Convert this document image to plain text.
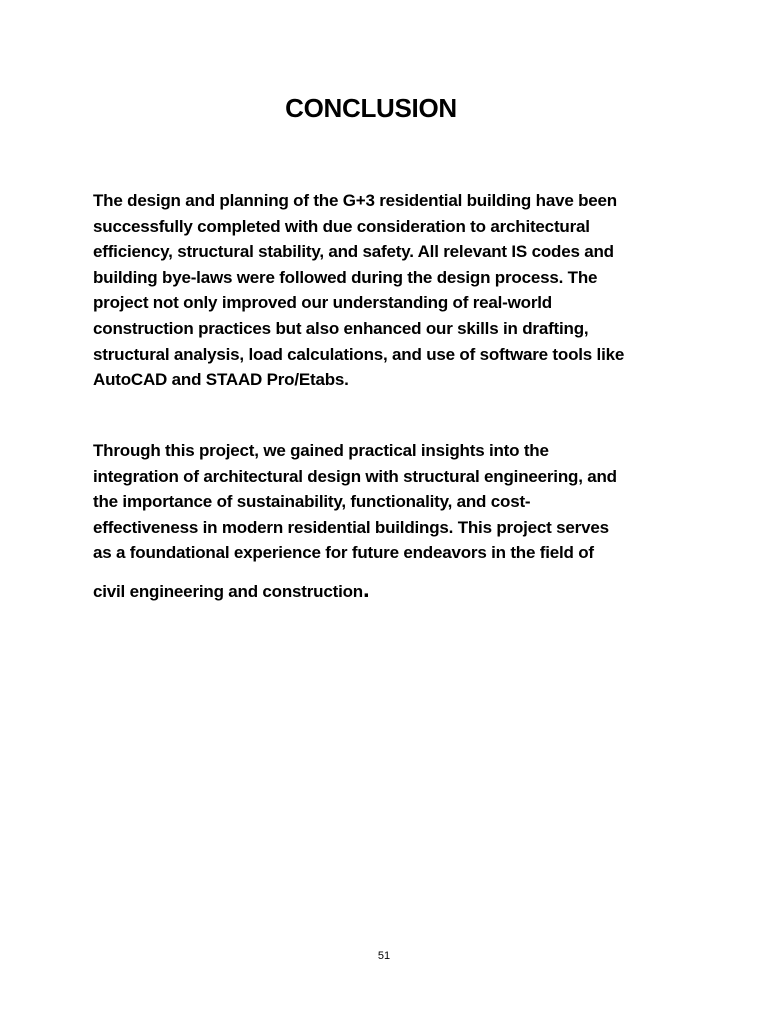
CONCLUSION
The design and planning of the G+3 residential building have been
successfully completed with due consideration to architectural
efficiency, structural stability, and safety. All relevant IS codes and
building bye-laws were followed during the design process. The
project not only improved our understanding of real-world
construction practices but also enhanced our skills in drafting,
structural analysis, load calculations, and use of software tools like
AutoCAD and STAAD Pro/Etabs.
Through this project, we gained practical insights into the
integration of architectural design with structural engineering, and
the importance of sustainability, functionality, and cost-
effectiveness in modern residential buildings. This project serves
as a foundational experience for future endeavors in the field of
civil engineering and construction.
51
